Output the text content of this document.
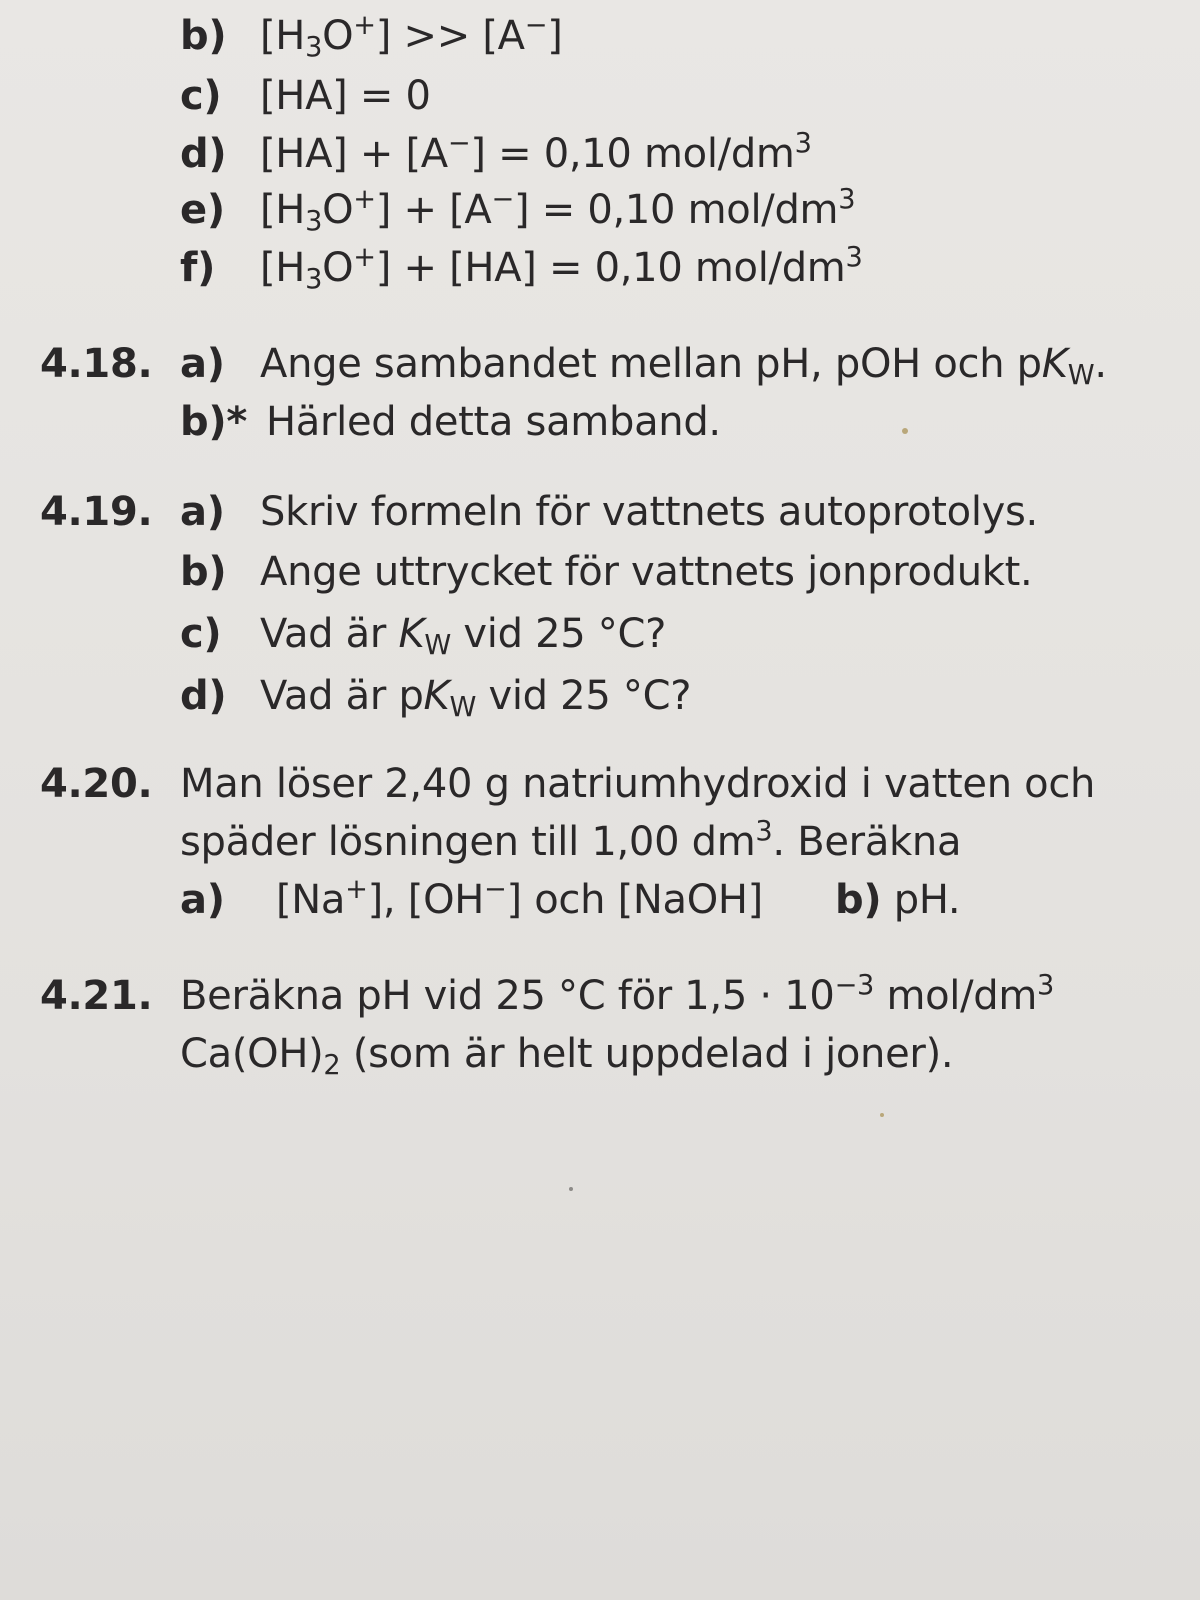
b) $[H_3O^+] >> [A^-]$
c) [HA] = 0
d) [HA] + [A−] = 0,10 mol/$dm^3$
e) $[H_3O^+] + [A^-] = 0,10$ mol/$dm^3$
f) $[H_3O^+] + [HA] = 0,10$ mol/$dm^3$
4.18. a) Ange sambandet mellan pH, pOH och $pK_W$.
b)* Härled detta samband.
4.19. a) Skriv formeln för vattnets autoprotolys.
b) Ange uttrycket för vattnets jonprodukt.
c) Vad är $K_W$ vid 25 °C?
d) Vad är $pK_W$ vid 25 °C?
4.20. Man löser 2,40 g natriumhydroxid i vatten och
späder lösningen till 1,00 $dm^3$. Beräkna
a) [Na+], [OH−] och [NaOH] b) pH.
4.21. Beräkna pH vid 25 °C för $1,5 \cdot 10^{-3}$ mol/$dm^3$
$Ca(OH)_2$ (som är helt uppdelad i joner).
